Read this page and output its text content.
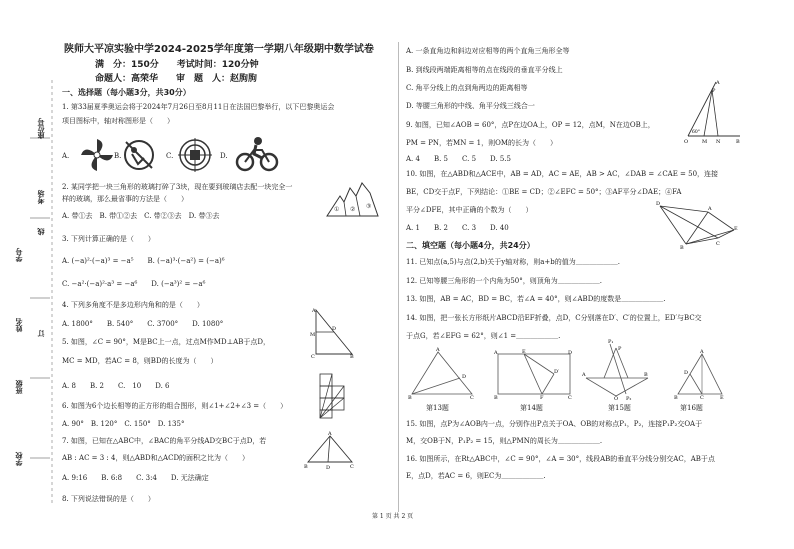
座位号
考场
线
学号
姓名
订
班级
学校
陕师大平凉实验中学2024-2025学年度第一学期八年级期中数学试卷
满　分：150分　　考试时间：120分钟
命题人：高荣华　　审　题　人：赵朐朐
一、选择题（每小题3分，共30分）
1. 第33届夏季奥运会将于2024年7月26日至8月11日在法国巴黎举行，以下巴黎奥运会
项目图标中，轴对称图形是（　　）
A.	B.	C.	D.
2. 某同学把一块三角形的玻璃打碎了3块，现在要到玻璃店去配一块完全一
样的玻璃，那么最省事的方法是（　　）
① ② ③
A. 带①去　B. 带①②去　C. 带②③去　D. 带③去
3. 下列计算正确的是（　　）
A. (−a)²·(−a)³ = −a⁵　　B. (−a)³·(−a²) = (−a)⁶
C. −a²·(−a)²·a³ = −a⁶　　D. (−a³)² = −a⁶
4. 下列多角度不是多边形内角和的是（　　）
A. 1800°　　B. 540°　　C. 3700°　　D. 1080°
A
M
C	B
D
5. 如图，∠C = 90°，M是BC上一点，过点M作MD⊥AB于点D，
MC = MD，若AC = 8，则BD的长度为（　　）
A. 8　　B. 2　　C.　10　　D. 6
6. 如图为6个边长相等的正方形的组合图形，则∠1+∠2+∠3 =（　　）
A. 90°　B. 120°　C. 150°　D. 135°
7. 如图，已知在△ABC中，∠BAC的角平分线AD交BC于点D，若
AB : AC = 3 : 4，则△ABD和△ACD的面积之比为（　　）
A
B	D	C
A. 9:16　　B. 6:8　　C. 3:4　　D. 无法确定
8. 下列说法错误的是（　　）
A. 一条直角边和斜边对应相等的两个直角三角形全等
B. 到线段两端距离相等的点在线段的垂直平分线上
C. 角平分线上的点到角两边的距离相等
D. 等腰三角形的中线、角平分线三线合一
9. 如图，已知∠AOB = 60°，点P在边OA上，OP = 12，点M，N在边OB上，
PM = PN，若MN = 1，则OM的长为（　　）
A. 4　　B. 5　　C. 5　　D. 5.5
A
P
60°
O	M N	B
10. 如图，在△ABD和△ACE中，AB = AD，AC = AE，AB > AC，∠DAB = ∠CAE = 50，连接
BE，CD交于点F，下列结论：①BE = CD；②∠EFC = 50°；③AF平分∠DAE；④FA
平分∠DFE，其中正确的个数为（　　）
A. 1　　B. 2　　C. 3　　D. 40
D
A
E
B
C
二、填空题（每小题4分，共24分）
11. 已知点(a,5)与点(2,b)关于y轴对称，则a+b的值为＿＿＿＿＿＿.
12. 已知等腰三角形的一个内角为50°，则顶角为＿＿＿＿＿＿.
13. 如图，AB = AC，BD = BC，若∠A = 40°，则∠ABD的度数是＿＿＿＿＿＿.
14. 如图，把一张长方形纸片ABCD沿EF折叠，点D，C分别落在D′、C′的位置上，ED′与BC交
于点G，若∠EFG = 62°，则∠1 =＿＿＿＿＿＿.
A
B	C
D
A	E	D
B	F	C
D′
P₁
P
A	B
O P₂
A
D
B	C	E
第13题	第14题	第15题	第16题
15. 如图，点P为∠AOB内一点，分别作出P点关于OA、OB的对称点P₁，P₂，连接P₁P₂交OA于
M，交OB于N，P₁P₂ = 15，则△PMN的周长为＿＿＿＿＿＿.
16. 如图所示，在Rt△ABC中，∠C = 90°，∠A = 30°，线段AB的垂直平分线分别交AC，AB于点
E，点D，若AC = 6，则EC为＿＿＿＿＿＿.
第 1 页 共 2 页
